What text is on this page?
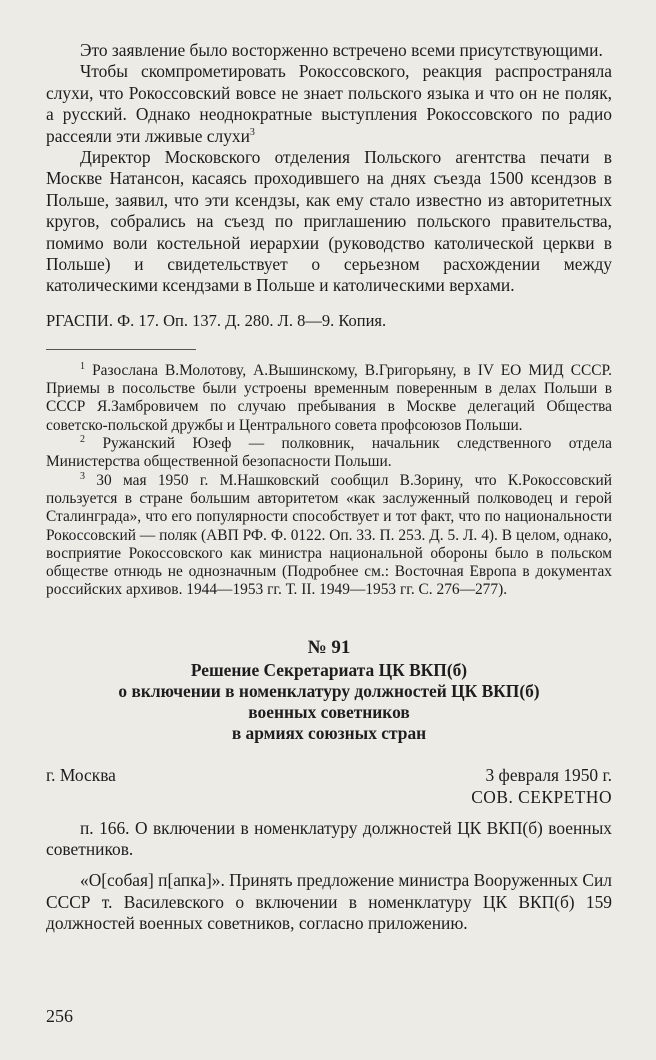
Это заявление было восторженно встречено всеми присутствующими.

Чтобы скомпрометировать Рокоссовского, реакция распространяла слухи, что Рокоссовский вовсе не знает польского языка и что он не поляк, а русский. Однако неоднократные выступления Рокоссовского по радио рассеяли эти лживые слухи$^3$

Директор Московского отделения Польского агентства печати в Москве Натансон, касаясь проходившего на днях съезда 1500 ксендзов в Польше, заявил, что эти ксендзы, как ему стало известно из авторитетных кругов, собрались на съезд по приглашению польского правительства, помимо воли костельной иерархии (руководство католической церкви в Польше) и свидетельствует о серьезном расхождении между католическими ксендзами в Польше и католическими верхами.

РГАСПИ. Ф. 17. Оп. 137. Д. 280. Л. 8—9. Копия.

$^1$ Разослана В.Молотову, А.Вышинскому, В.Григорьяну, в IV ЕО МИД СССР. Приемы в посольстве были устроены временным поверенным в делах Польши в СССР Я.Замбровичем по случаю пребывания в Москве делегаций Общества советско-польской дружбы и Центрального совета профсоюзов Польши.

$^2$ Ружанский Юзеф — полковник, начальник следственного отдела Министерства общественной безопасности Польши.

$^3$ 30 мая 1950 г. М.Нашковский сообщил В.Зорину, что К.Рокоссовский пользуется в стране большим авторитетом «как заслуженный полководец и герой Сталинграда», что его популярности способствует и тот факт, что по национальности Рокоссовский — поляк (АВП РФ. Ф. 0122. Оп. 33. П. 253. Д. 5. Л. 4). В целом, однако, восприятие Рокоссовского как министра национальной обороны было в польском обществе отнюдь не однозначным (Подробнее см.: Восточная Европа в документах российских архивов. 1944—1953 гг. Т. II. 1949—1953 гг. С. 276—277).

№ 91
Решение Секретариата ЦК ВКП(б)
о включении в номенклатуру должностей ЦК ВКП(б)
военных советников
в армиях союзных стран
г. Москва	3 февраля 1950 г.
СОВ. СЕКРЕТНО

п. 166. О включении в номенклатуру должностей ЦК ВКП(б) военных советников.

«О[собая] п[апка]». Принять предложение министра Вооруженных Сил СССР т. Василевского о включении в номенклатуру ЦК ВКП(б) 159 должностей военных советников, согласно приложению.

256
